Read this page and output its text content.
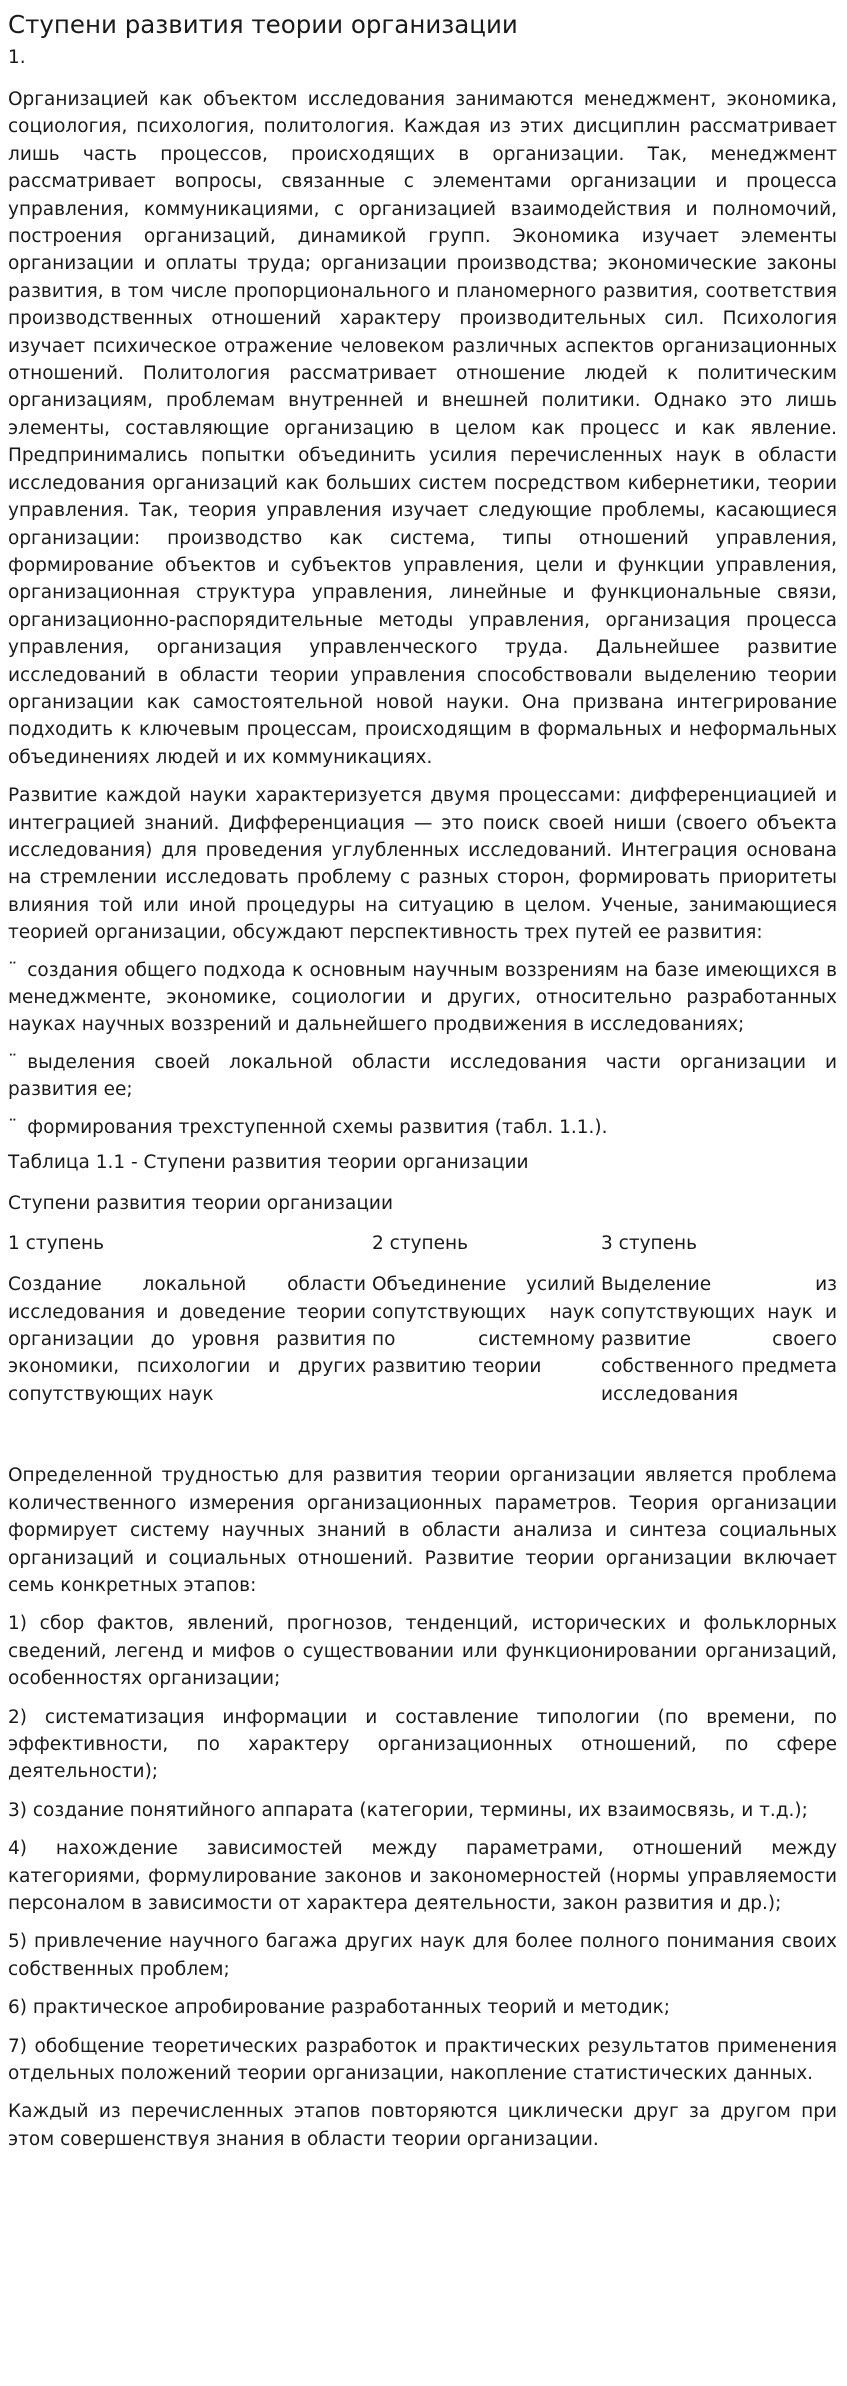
Ступени развития теории организации
1.

Организацией как объектом исследования занимаются менеджмент, экономика, социология, психология, политология. Каждая из этих дисциплин рассматривает лишь часть процессов, происходящих в организации. Так, менеджмент рассматривает вопросы, связанные с элементами организации и процесса управления, коммуникациями, с организацией взаимодействия и полномочий, построения организаций, динамикой групп. Экономика изучает элементы организации и оплаты труда; организации производства; экономические законы развития, в том числе пропорционального и планомерного развития, соответствия производственных отношений характеру производительных сил. Психология изучает психическое отражение человеком различных аспектов организационных отношений. Политология рассматривает отношение людей к политическим организациям, проблемам внутренней и внешней политики. Однако это лишь элементы, составляющие организацию в целом как процесс и как явление. Предпринимались попытки объединить усилия перечисленных наук в области исследования организаций как больших систем посредством кибернетики, теории управления. Так, теория управления изучает следующие проблемы, касающиеся организации: производство как система, типы отношений управления, формирование объектов и субъектов управления, цели и функции управления, организационная структура управления, линейные и функциональные связи, организационно-распорядительные методы управления, организация процесса управления, организация управленческого труда. Дальнейшее развитие исследований в области теории управления способствовали выделению теории организации как самостоятельной новой науки. Она призвана интегрирование подходить к ключевым процессам, происходящим в формальных и неформальных объединениях людей и их коммуникациях.

Развитие каждой науки характеризуется двумя процессами: дифференциацией и интеграцией знаний. Дифференциация — это поиск своей ниши (своего объекта исследования) для проведения углубленных исследований. Интеграция основана на стремлении исследовать проблему с разных сторон, формировать приоритеты влияния той или иной процедуры на ситуацию в целом. Ученые, занимающиеся теорией организации, обсуждают перспективность трех путей ее развития:

¨ создания общего подхода к основным научным воззрениям на базе имеющихся в менеджменте, экономике, социологии и других, относительно разработанных науках научных воззрений и дальнейшего продвижения в исследованиях;

¨ выделения своей локальной области исследования части организации и развития ее;

¨ формирования трехступенной схемы развития (табл. 1.1.).

Таблица 1.1 - Ступени развития теории организации

Ступени развития теории организации

1 ступень	2 ступень	3 ступень

Создание локальной области исследования и доведение теории организации до уровня развития экономики, психологии и других сопутствующих наук

Объединение усилий сопутствующих наук по системному развитию теории

Выделение из сопутствующих наук и развитие своего собственного предмета исследования

Определенной трудностью для развития теории организации является проблема количественного измерения организационных параметров. Теория организации формирует систему научных знаний в области анализа и синтеза социальных организаций и социальных отношений. Развитие теории организации включает семь конкретных этапов:

1) сбор фактов, явлений, прогнозов, тенденций, исторических и фольклорных сведений, легенд и мифов о существовании или функционировании организаций, особенностях организации;

2) систематизация информации и составление типологии (по времени, по эффективности, по характеру организационных отношений, по сфере деятельности);

3) создание понятийного аппарата (категории, термины, их взаимосвязь, и т.д.);

4) нахождение зависимостей между параметрами, отношений между категориями, формулирование законов и закономерностей (нормы управляемости персоналом в зависимости от характера деятельности, закон развития и др.);

5) привлечение научного багажа других наук для более полного понимания своих собственных проблем;

6) практическое апробирование разработанных теорий и методик;

7) обобщение теоретических разработок и практических результатов применения отдельных положений теории организации, накопление статистических данных.

Каждый из перечисленных этапов повторяются циклически друг за другом при этом совершенствуя знания в области теории организации.
